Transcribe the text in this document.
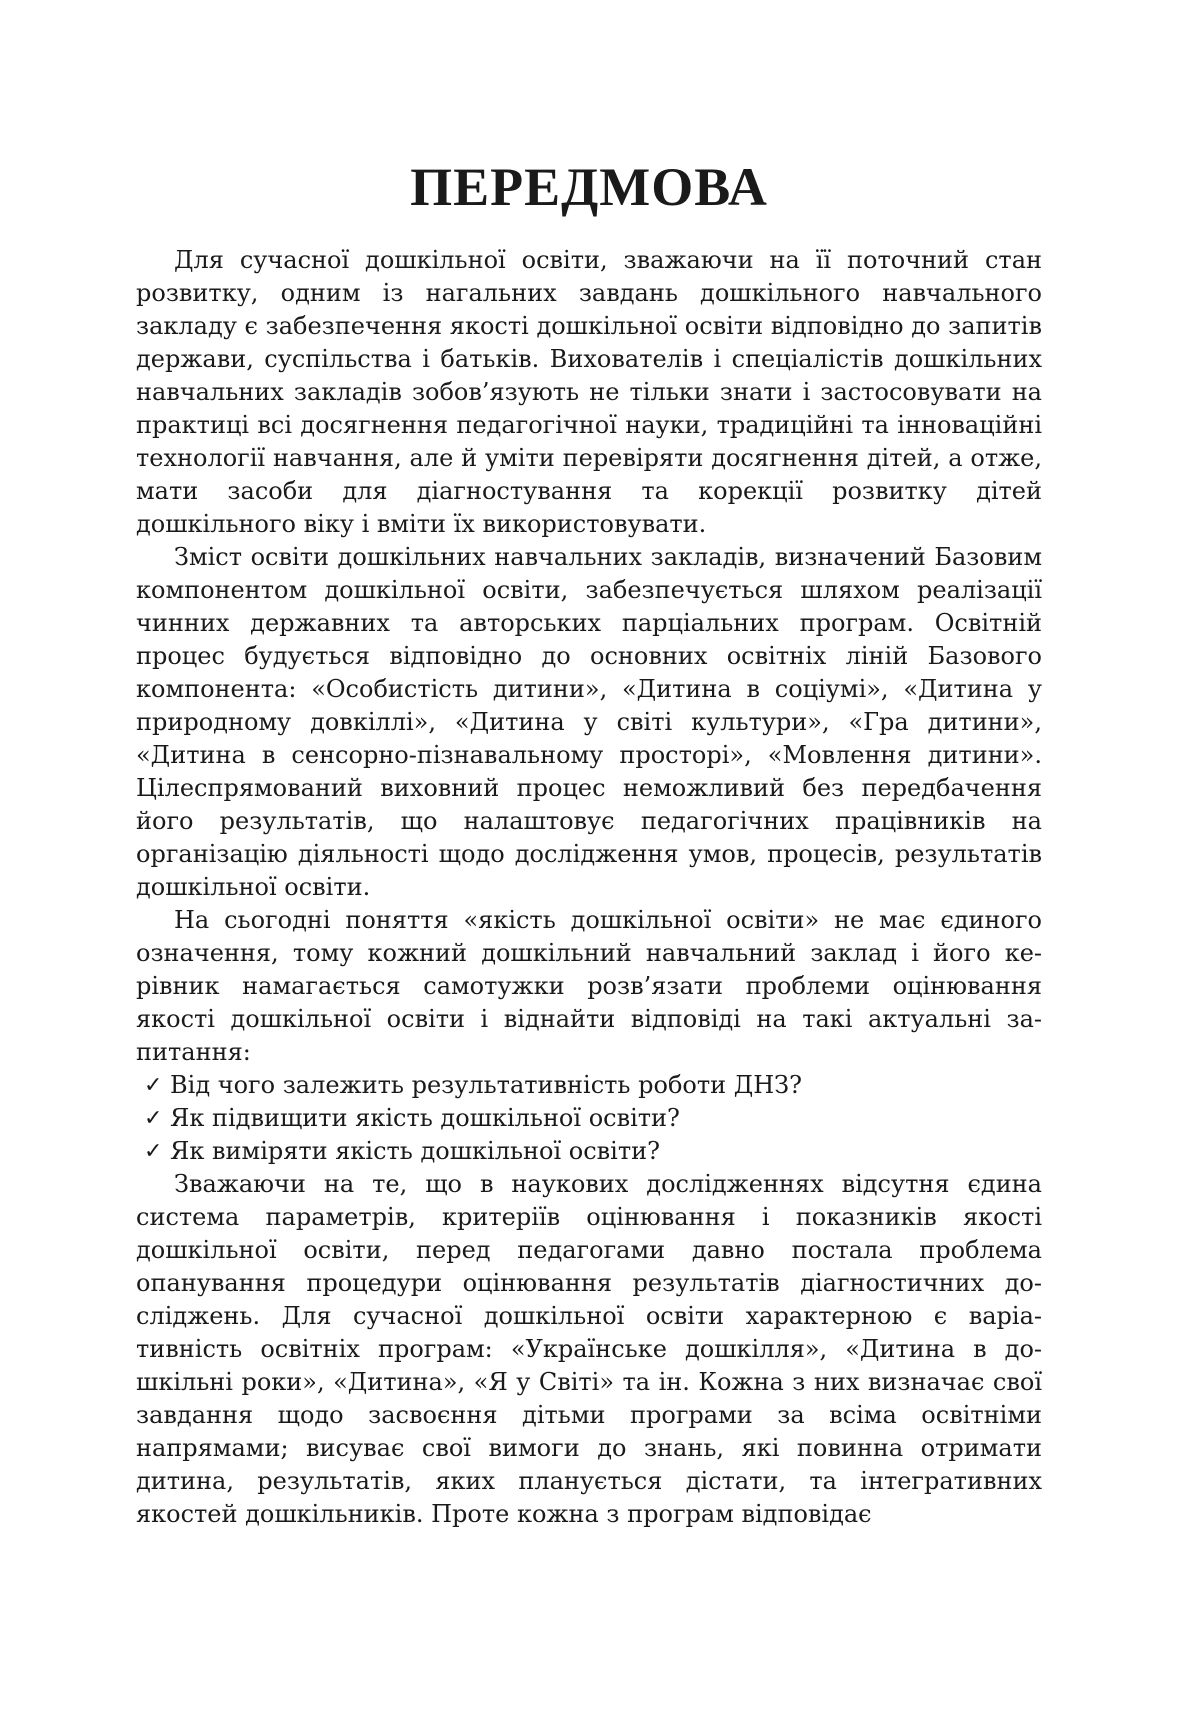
ПЕРЕДМОВА

Для сучасної дошкільної освіти, зважаючи на її поточний стан розвитку, одним із нагальних завдань дошкільного навчального закладу є забезпечення якості дошкільної освіти відповідно до запитів держави, суспільства і батьків. Вихователів і спеціалістів дошкільних навчальних закладів зобов’язують не тільки знати і застосовувати на практиці всі досягнення педагогічної науки, традиційні та інноваційні технології навчання, але й уміти перевіряти досягнення дітей, а отже, мати засоби для діагностування та корекції розвитку дітей дошкільного віку і вміти їх використовувати.

Зміст освіти дошкільних навчальних закладів, визначений Базовим компонентом дошкільної освіти, забезпечується шляхом реалізації чинних державних та авторських парціальних програм. Освітній процес будується відповідно до основних освітніх ліній Базового компонента: «Особистість дитини», «Дитина в соціумі», «Дитина у природному довкіллі», «Дитина у світі культури», «Гра дитини», «Дитина в сенсорно-пізнавальному просторі», «Мовлення дитини». Цілеспрямований виховний процес неможливий без передбачення його результатів, що налаштовує педагогічних працівників на організацію діяльності щодо дослідження умов, процесів, результатів дошкільної освіти.

На сьогодні поняття «якість дошкільної освіти» не має єдиного означення, тому кожний дошкільний навчальний заклад і його керівник намагається самотужки розв’язати проблеми оцінювання якості дошкільної освіти і віднайти відповіді на такі актуальні запитання:

✓ Від чого залежить результативність роботи ДНЗ?
✓ Як підвищити якість дошкільної освіти?
✓ Як виміряти якість дошкільної освіти?

Зважаючи на те, що в наукових дослідженнях відсутня єдина система параметрів, критеріїв оцінювання і показників якості дошкільної освіти, перед педагогами давно постала проблема опанування процедури оцінювання результатів діагностичних досліджень. Для сучасної дошкільної освіти характерною є варіативність освітніх програм: «Українське дошкілля», «Дитина в дошкільні роки», «Дитина», «Я у Світі» та ін. Кожна з них визначає свої завдання щодо засвоєння дітьми програми за всіма освітніми напрямами; висуває свої вимоги до знань, які повинна отримати дитина, результатів, яких планується дістати, та інтегративних якостей дошкільників. Проте кожна з програм відповідає
